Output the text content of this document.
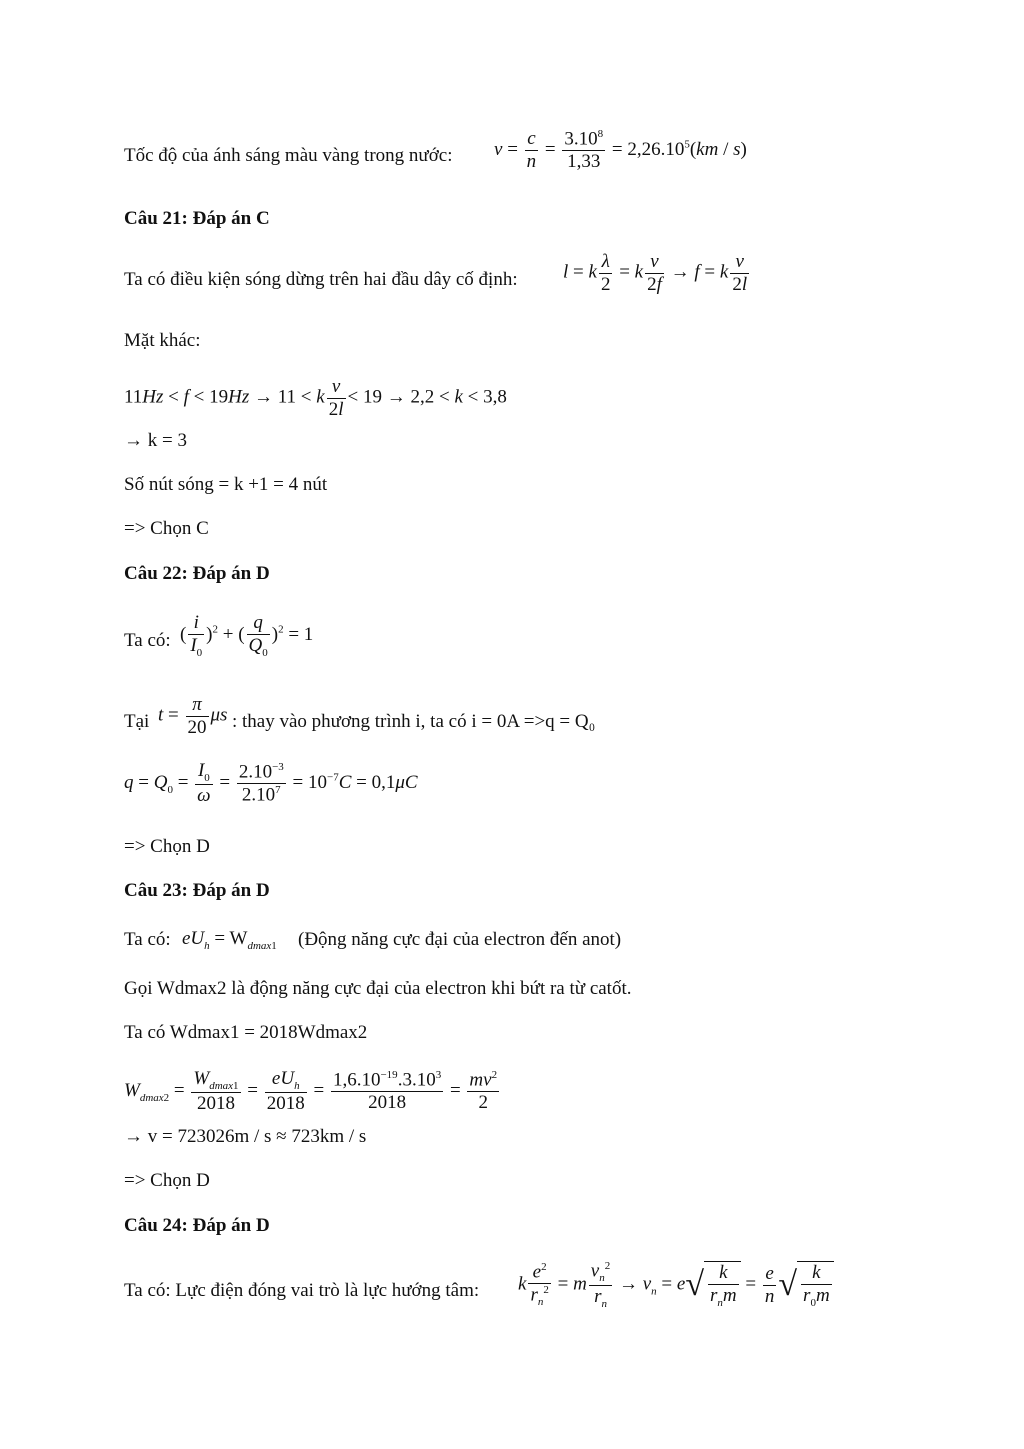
Tốc độ của ánh sáng màu vàng trong nước: $v = \frac{c}{n} = \frac{3.10^8}{1,33} = 2,26.10^5(km / s)$
Câu 21: Đáp án C
Ta có điều kiện sóng dừng trên hai đầu dây cố định: l = k $\frac{\lambda}{2} = k \frac{v}{2f} \to f = k \frac{v}{2l}$
Mặt khác:
11Hz < f < 19Hz → 11 < k $\frac{v}{2l} < 19 \to 2,2 < k < 3,8$
→ k = 3
Số nút sóng = k +1 = 4 nút
=> Chọn C
Câu 22: Đáp án D
Ta có: ( $\frac{i}{I_0} )^2$ + ( $\frac{q}{Q_0} )^2 = 1$
Tại $t = \frac{\pi}{20}$ μs : thay vào phương trình i, ta có i = 0A =>q = Q₀
$q = Q_0 = \frac{I_0}{\omega} = \frac{2.10^{-3}}{2.10^7} = 10^{-7}C = 0,1\mu C$
=> Chọn D
Câu 23: Đáp án D
Ta có: $eU_h = W_{dmax1}$ (Động năng cực đại của electron đến anot)
Gọi Wdmax2 là động năng cực đại của electron khi bứt ra từ catốt.
Ta có Wdmax1 = 2018Wdmax2
$W_{dmax2}$ =
$W_{dmax1}$
2018
=
$eU_h$
2018
= $\frac{1,6.10^{-19}.3.10^3}{2018} = \frac{mv^2}{2}$
→ v = 723026m / s ≈ 723km / s
=> Chọn D
Câu 24: Đáp án D
Ta có: Lực điện đóng vai trò là lực hướng tâm: k $\frac{e^2}{r_n^2} = m \frac{v_n^2}{r_n} \to v_n = e√$ k
$r_nm$
= $\frac{e}{n}$ √ $\frac{k}{r_0m}$
